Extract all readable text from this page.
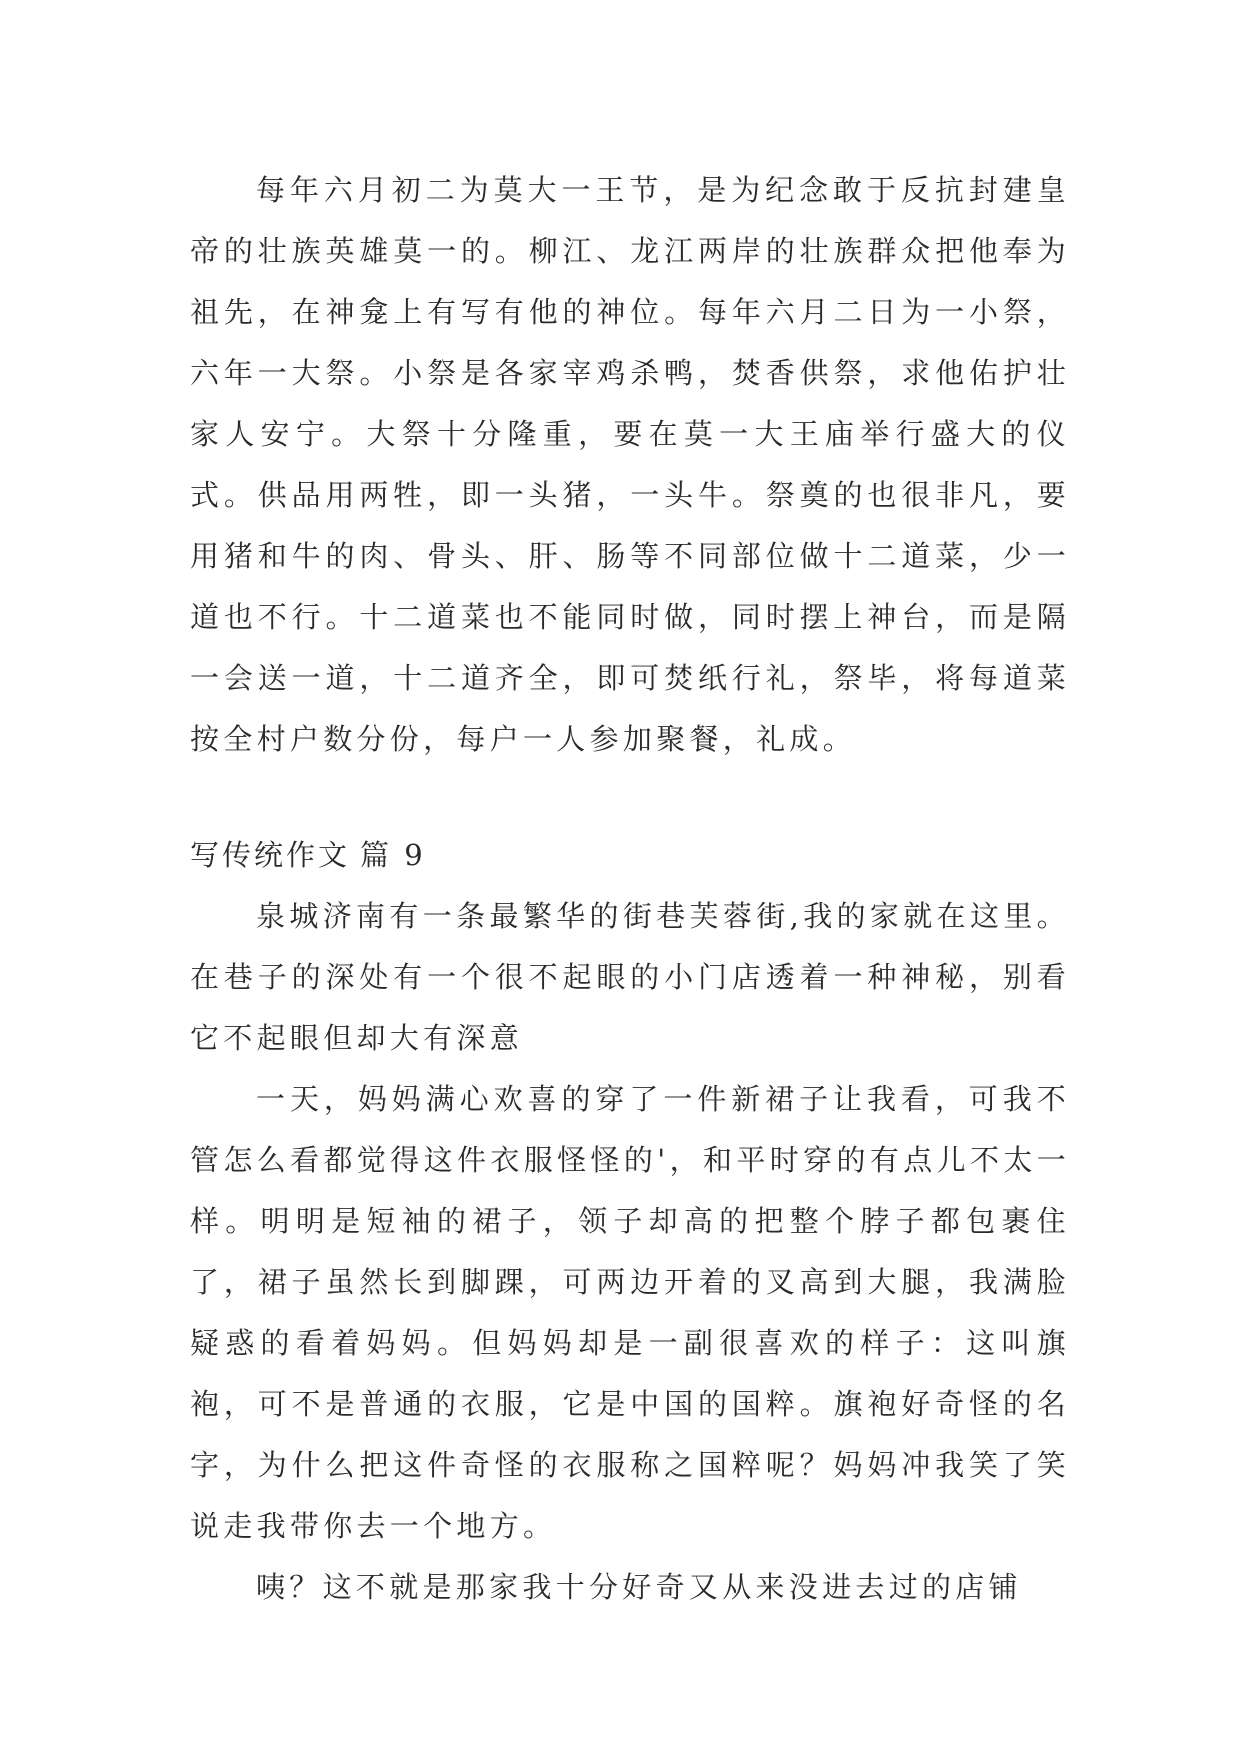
每年六月初二为莫大一王节，是为纪念敢于反抗封建皇帝的壮族英雄莫一的。柳江、龙江两岸的壮族群众把他奉为祖先，在神龛上有写有他的神位。每年六月二日为一小祭，六年一大祭。小祭是各家宰鸡杀鸭，焚香供祭，求他佑护壮家人安宁。大祭十分隆重，要在莫一大王庙举行盛大的仪式。供品用两牲，即一头猪，一头牛。祭奠的也很非凡，要用猪和牛的肉、骨头、肝、肠等不同部位做十二道菜，少一道也不行。十二道菜也不能同时做，同时摆上神台，而是隔一会送一道，十二道齐全，即可焚纸行礼，祭毕，将每道菜按全村户数分份，每户一人参加聚餐，礼成。

写传统作文 篇 9

泉城济南有一条最繁华的街巷芙蓉街,我的家就在这里。在巷子的深处有一个很不起眼的小门店透着一种神秘，别看它不起眼但却大有深意

一天，妈妈满心欢喜的穿了一件新裙子让我看，可我不管怎么看都觉得这件衣服怪怪的'，和平时穿的有点儿不太一样。明明是短袖的裙子，领子却高的把整个脖子都包裹住了，裙子虽然长到脚踝，可两边开着的叉高到大腿，我满脸疑惑的看着妈妈。但妈妈却是一副很喜欢的样子：这叫旗袍，可不是普通的衣服，它是中国的国粹。旗袍好奇怪的名字，为什么把这件奇怪的衣服称之国粹呢？妈妈冲我笑了笑说走我带你去一个地方。

咦？这不就是那家我十分好奇又从来没进去过的店铺
